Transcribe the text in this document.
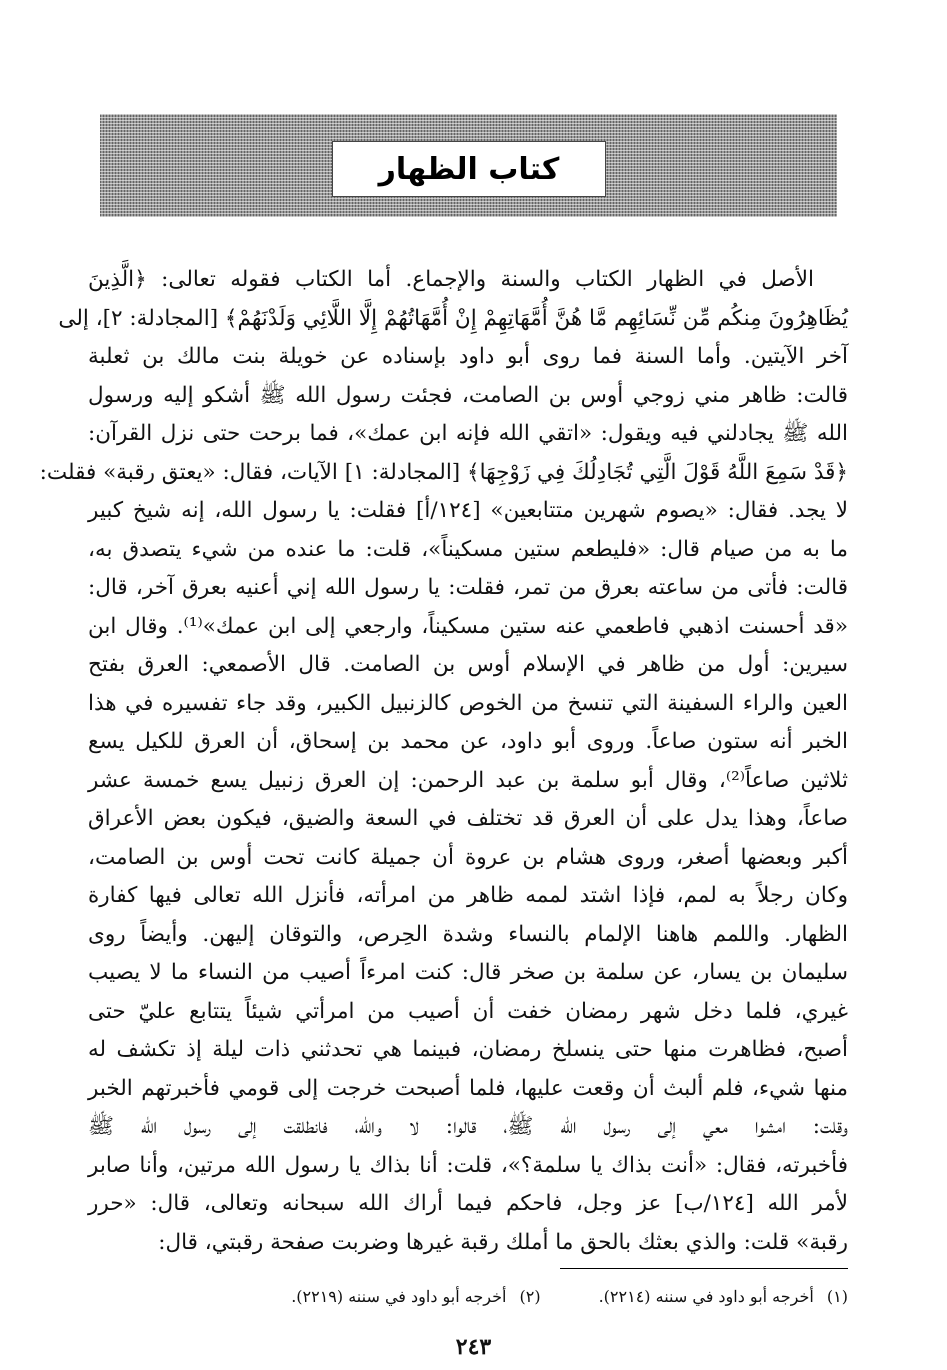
كتاب الظهار
الأصل في الظهار الكتاب والسنة والإجماع. أما الكتاب فقوله تعالى: ﴿الَّذِينَ
يُظَاهِرُونَ مِنكُم مِّن نِّسَائِهِم مَّا هُنَّ أُمَّهَاتِهِمْ إِنْ أُمَّهَاتُهُمْ إِلَّا اللَّائِي وَلَدْنَهُمْ﴾ [المجادلة: ٢]، إلى
آخر الآيتين. وأما السنة فما روى أبو داود بإسناده عن خويلة بنت مالك بن ثعلبة
قالت: ظاهر مني زوجي أوس بن الصامت، فجئت رسول الله ﷺ أشكو إليه ورسول
الله ﷺ يجادلني فيه ويقول: «اتقي الله فإنه ابن عمك»، فما برحت حتى نزل القرآن:
﴿قَدْ سَمِعَ اللَّهُ قَوْلَ الَّتِي تُجَادِلُكَ فِي زَوْجِهَا﴾ [المجادلة: ١] الآيات، فقال: «يعتق رقبة» فقلت:
لا يجد. فقال: «يصوم شهرين متتابعين» [١٢٤/أ] فقلت: يا رسول الله، إنه شيخ كبير
ما به من صيام قال: «فليطعم ستين مسكيناً»، قلت: ما عنده من شيء يتصدق به،
قالت: فأتى من ساعته بعرق من تمر، فقلت: يا رسول الله إني أعنيه بعرق آخر، قال:
«قد أحسنت اذهبي فاطعمي عنه ستين مسكيناً، وارجعي إلى ابن عمك»⁽¹⁾. وقال ابن
سيرين: أول من ظاهر في الإسلام أوس بن الصامت. قال الأصمعي: العرق بفتح
العين والراء السفينة التي تنسخ من الخوص كالزنبيل الكبير، وقد جاء تفسيره في هذا
الخبر أنه ستون صاعاً. وروى أبو داود، عن محمد بن إسحاق، أن العرق للكيل يسع
ثلاثين صاعاً⁽²⁾، وقال أبو سلمة بن عبد الرحمن: إن العرق زنبيل يسع خمسة عشر
صاعاً، وهذا يدل على أن العرق قد تختلف في السعة والضيق، فيكون بعض الأعراق
أكبر وبعضها أصغر، وروى هشام بن عروة أن جميلة كانت تحت أوس بن الصامت،
وكان رجلاً به لمم، فإذا اشتد لممه ظاهر من امرأته، فأنزل الله تعالى فيها كفارة
الظهار. واللمم هاهنا الإلمام بالنساء وشدة الحِرص، والتوقان إليهن. وأيضاً روى
سليمان بن يسار، عن سلمة بن صخر قال: كنت امرءاً أصيب من النساء ما لا يصيب
غيري، فلما دخل شهر رمضان خفت أن أصيب من امرأتي شيئاً يتتابع عليّ حتى
أصبح، فظاهرت منها حتى ينسلخ رمضان، فبينما هي تحدثني ذات ليلة إذ تكشف له
منها شيء، فلم ألبث أن وقعت عليها، فلما أصبحت خرجت إلى قومي فأخبرتهم الخبر
وقلت: امشوا معي إلى رسول الله ﷺ، قالوا: لا والله، فانطلقت إلى رسول الله ﷺ
فأخبرته، فقال: «أنت بذاك يا سلمة؟»، قلت: أنا بذاك يا رسول الله مرتين، وأنا صابر
لأمر الله [١٢٤/ب] عز وجل، فاحكم فيما أراك الله سبحانه وتعالى، قال: «حرر
رقبة» قلت: والذي بعثك بالحق ما أملك رقبة غيرها وضربت صفحة رقبتي، قال:
(١) أخرجه أبو داود في سننه (٢٢١٤).
(٢) أخرجه أبو داود في سننه (٢٢١٩).
٢٤٣
